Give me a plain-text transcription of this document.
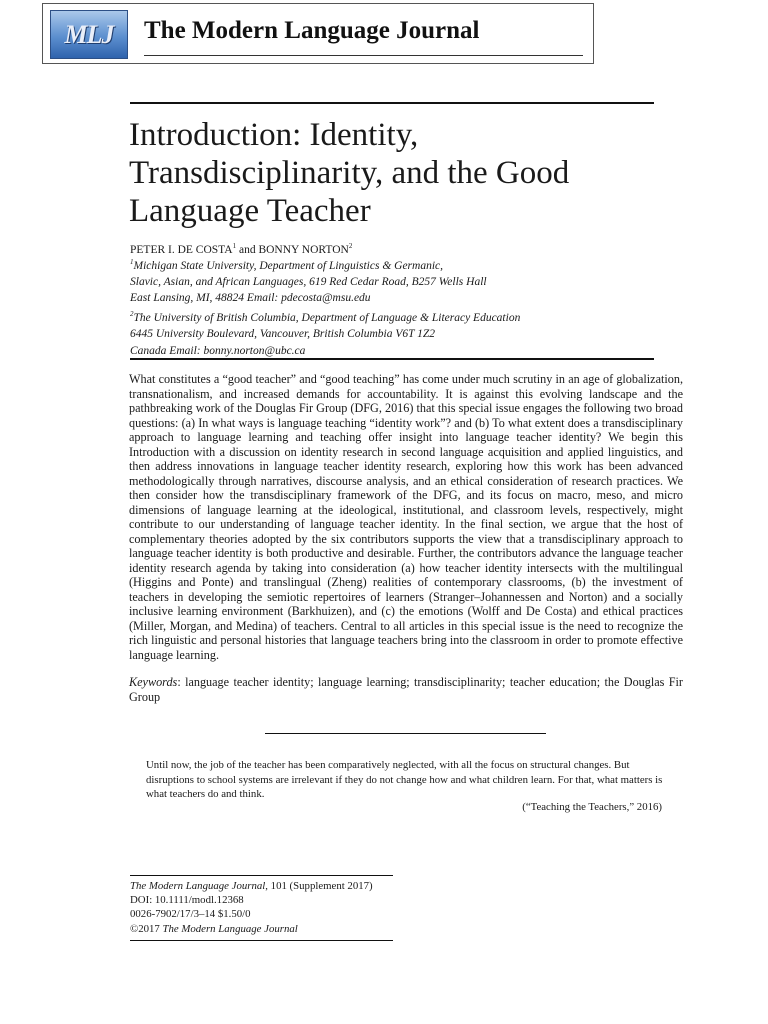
MLJ The Modern Language Journal
Introduction: Identity, Transdisciplinarity, and the Good Language Teacher
PETER I. DE COSTA$^1$ and BONNY NORTON$^2$
$^1$Michigan State University, Department of Linguistics & Germanic,
Slavic, Asian, and African Languages, 619 Red Cedar Road, B257 Wells Hall
East Lansing, MI, 48824 Email: pdecosta@msu.edu
$^2$The University of British Columbia, Department of Language & Literacy Education
6445 University Boulevard, Vancouver, British Columbia V6T 1Z2
Canada Email: bonny.norton@ubc.ca
What constitutes a “good teacher” and “good teaching” has come under much scrutiny in an age of globalization, transnationalism, and increased demands for accountability. It is against this evolving landscape and the pathbreaking work of the Douglas Fir Group (DFG, 2016) that this special issue engages the following two broad questions: (a) In what ways is language teaching “identity work”? and (b) To what extent does a transdisciplinary approach to language learning and teaching offer insight into language teacher identity? We begin this Introduction with a discussion on identity research in second language acquisition and applied linguistics, and then address innovations in language teacher identity research, exploring how this work has been advanced methodologically through narratives, discourse analysis, and an ethical consideration of research practices. We then consider how the transdisciplinary framework of the DFG, and its focus on macro, meso, and micro dimensions of language learning at the ideological, institutional, and classroom levels, respectively, might contribute to our understanding of language teacher identity. In the final section, we argue that the host of complementary theories adopted by the six contributors supports the view that a transdisciplinary approach to language teacher identity is both productive and desirable. Further, the contributors advance the language teacher identity research agenda by taking into consideration (a) how teacher identity intersects with the multilingual (Higgins and Ponte) and translingual (Zheng) realities of contemporary classrooms, (b) the investment of teachers in developing the semiotic repertoires of learners (Stranger–Johannessen and Norton) and a socially inclusive learning environment (Barkhuizen), and (c) the emotions (Wolff and De Costa) and ethical practices (Miller, Morgan, and Medina) of teachers. Central to all articles in this special issue is the need to recognize the rich linguistic and personal histories that language teachers bring into the classroom in order to promote effective language learning.
Keywords: language teacher identity; language learning; transdisciplinarity; teacher education; the Douglas Fir Group
Until now, the job of the teacher has been comparatively neglected, with all the focus on structural changes. But disruptions to school systems are irrelevant if they do not change how and what children learn. For that, what matters is what teachers do and think.
(“Teaching the Teachers,” 2016)
The Modern Language Journal, 101 (Supplement 2017)
DOI: 10.1111/modl.12368
0026-7902/17/3–14 $1.50/0
©2017 The Modern Language Journal
